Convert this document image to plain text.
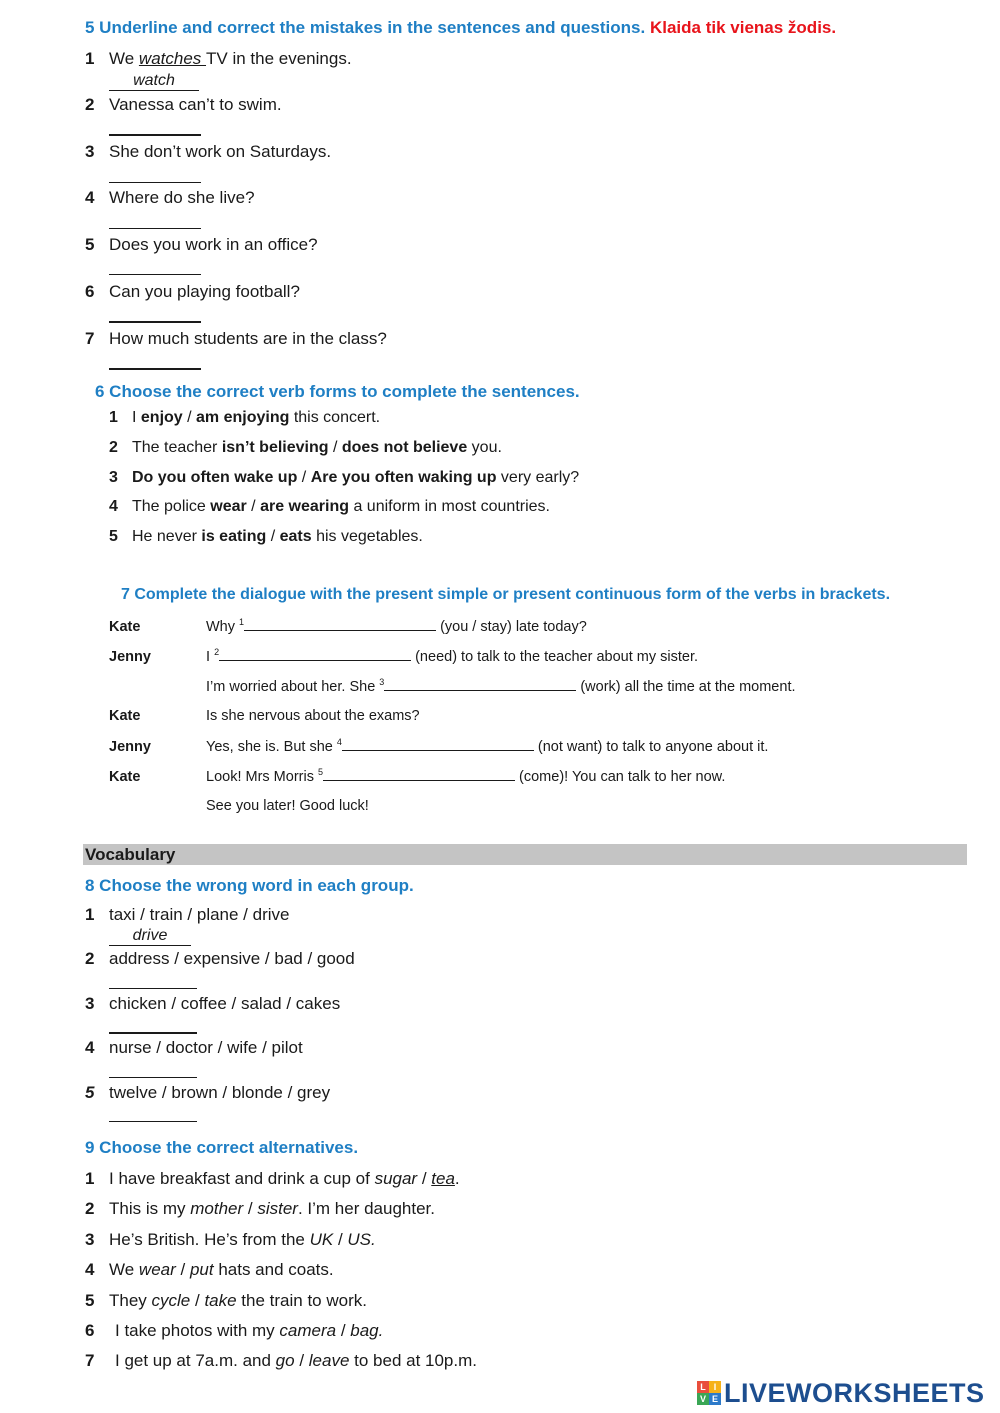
5 Underline and correct the mistakes in the sentences and questions. Klaida tik vienas žodis.
1 We watches TV in the evenings.
watch
2 Vanessa can’t to swim.
3 She don’t work on Saturdays.
4 Where do she live?
5 Does you work in an office?
6 Can you playing football?
7 How much students are in the class?
6 Choose the correct verb forms to complete the sentences.
1 I enjoy / am enjoying this concert.
2 The teacher isn’t believing / does not believe you.
3 Do you often wake up / Are you often waking up very early?
4 The police wear / are wearing a uniform in most countries.
5 He never is eating / eats his vegetables.
7 Complete the dialogue with the present simple or present continuous form of the verbs in brackets.
Kate	Why $^1$	(you / stay) late today?
Jenny	I $^2$	(need) to talk to the teacher about my sister.
I’m worried about her. She $^3$	(work) all the time at the moment.
Kate	Is she nervous about the exams?
Jenny	Yes, she is. But she $^4$	(not want) to talk to anyone about it.
Kate	Look! Mrs Morris $^5$	(come)! You can talk to her now.
See you later! Good luck!
Vocabulary
8 Choose the wrong word in each group.
1 taxi / train / plane / drive
drive
2 address / expensive / bad / good
3 chicken / coffee / salad / cakes
4 nurse / doctor / wife / pilot
5 twelve / brown / blonde / grey
9 Choose the correct alternatives.
1 I have breakfast and drink a cup of sugar / tea.
2 This is my mother / sister. I’m her daughter.
3 He’s British. He’s from the UK / US.
4 We wear / put hats and coats.
5 They cycle / take the train to work.
6 I take photos with my camera / bag.
7 I get up at 7a.m. and go / leave to bed at 10p.m.
L I
V E LIVEWORKSHEETS
